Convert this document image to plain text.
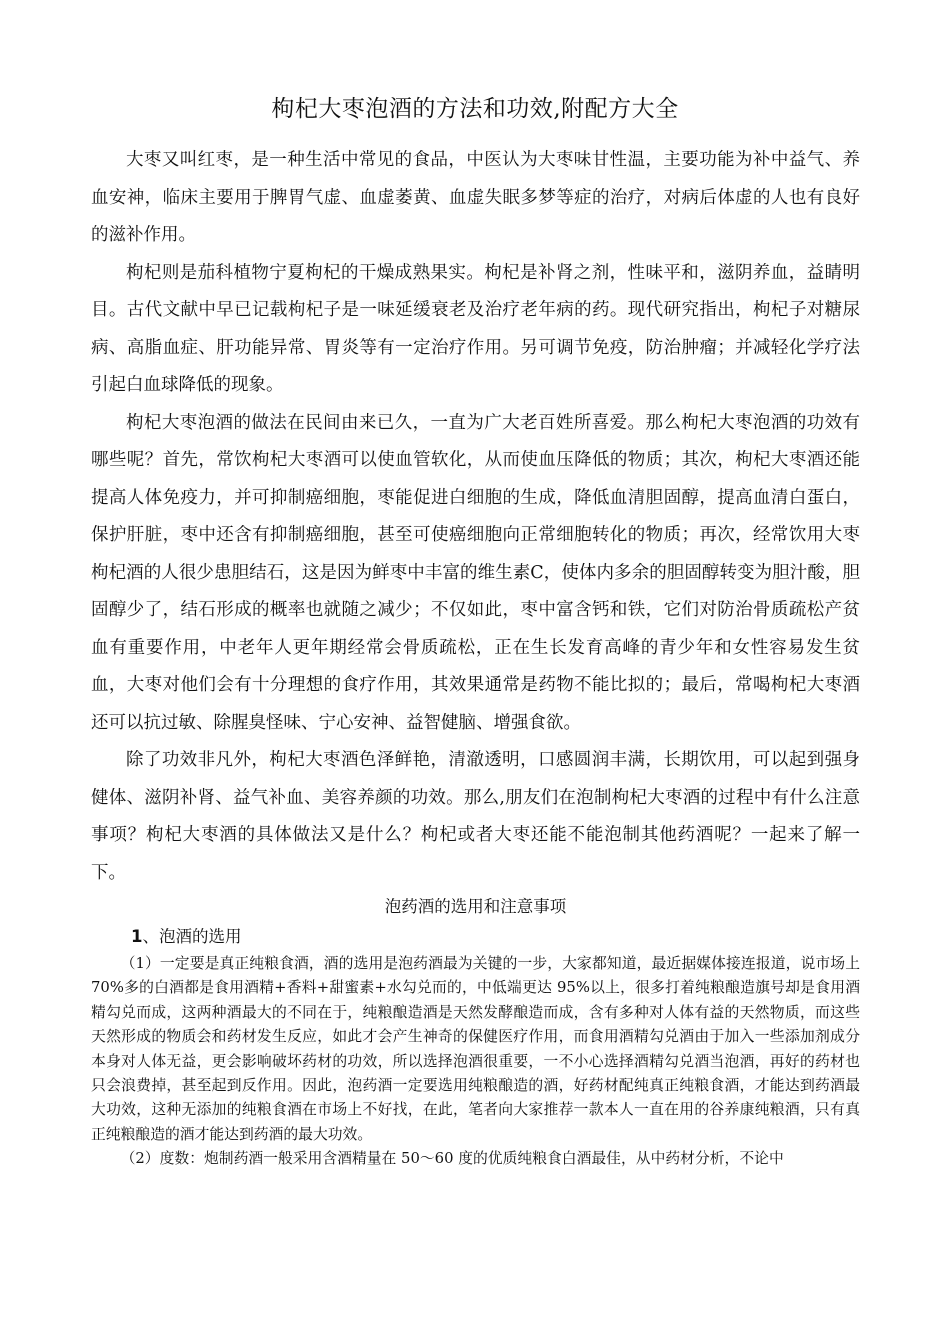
枸杞大枣泡酒的方法和功效,附配方大全

大枣又叫红枣，是一种生活中常见的食品，中医认为大枣味甘性温，主要功能为补中益气、养血安神，临床主要用于脾胃气虚、血虚萎黄、血虚失眠多梦等症的治疗，对病后体虚的人也有良好的滋补作用。

枸杞则是茄科植物宁夏枸杞的干燥成熟果实。枸杞是补肾之剂，性味平和，滋阴养血，益睛明目。古代文献中早已记载枸杞子是一味延缓衰老及治疗老年病的药。现代研究指出，枸杞子对糖尿病、高脂血症、肝功能异常、胃炎等有一定治疗作用。另可调节免疫，防治肿瘤；并减轻化学疗法引起白血球降低的现象。

枸杞大枣泡酒的做法在民间由来已久，一直为广大老百姓所喜爱。那么枸杞大枣泡酒的功效有哪些呢？首先，常饮枸杞大枣酒可以使血管软化，从而使血压降低的物质；其次，枸杞大枣酒还能提高人体免疫力，并可抑制癌细胞，枣能促进白细胞的生成，降低血清胆固醇，提高血清白蛋白，保护肝脏，枣中还含有抑制癌细胞，甚至可使癌细胞向正常细胞转化的物质；再次，经常饮用大枣枸杞酒的人很少患胆结石，这是因为鲜枣中丰富的维生素C，使体内多余的胆固醇转变为胆汁酸，胆固醇少了，结石形成的概率也就随之减少；不仅如此，枣中富含钙和铁，它们对防治骨质疏松产贫血有重要作用，中老年人更年期经常会骨质疏松，正在生长发育高峰的青少年和女性容易发生贫血，大枣对他们会有十分理想的食疗作用，其效果通常是药物不能比拟的；最后，常喝枸杞大枣酒还可以抗过敏、除腥臭怪味、宁心安神、益智健脑、增强食欲。

除了功效非凡外，枸杞大枣酒色泽鲜艳，清澈透明，口感圆润丰满，长期饮用，可以起到强身健体、滋阴补肾、益气补血、美容养颜的功效。那么,朋友们在泡制枸杞大枣酒的过程中有什么注意事项？枸杞大枣酒的具体做法又是什么？枸杞或者大枣还能不能泡制其他药酒呢？一起来了解一下。

泡药酒的选用和注意事项

1、泡酒的选用

（1）一定要是真正纯粮食酒，酒的选用是泡药酒最为关键的一步，大家都知道，最近据媒体接连报道，说市场上 70%多的白酒都是食用酒精+香料+甜蜜素+水勾兑而的，中低端更达 95%以上，很多打着纯粮酿造旗号却是食用酒精勾兑而成，这两种酒最大的不同在于，纯粮酿造酒是天然发酵酿造而成，含有多种对人体有益的天然物质，而这些天然形成的物质会和药材发生反应，如此才会产生神奇的保健医疗作用，而食用酒精勾兑酒由于加入一些添加剂成分本身对人体无益，更会影响破坏药材的功效，所以选择泡酒很重要，一不小心选择酒精勾兑酒当泡酒，再好的药材也只会浪费掉，甚至起到反作用。因此，泡药酒一定要选用纯粮酿造的酒，好药材配纯真正纯粮食酒，才能达到药酒最大功效，这种无添加的纯粮食酒在市场上不好找，在此，笔者向大家推荐一款本人一直在用的谷养康纯粮酒，只有真正纯粮酿造的酒才能达到药酒的最大功效。

（2）度数：炮制药酒一般采用含酒精量在 50～60 度的优质纯粮食白酒最佳，从中药材分析，不论中
